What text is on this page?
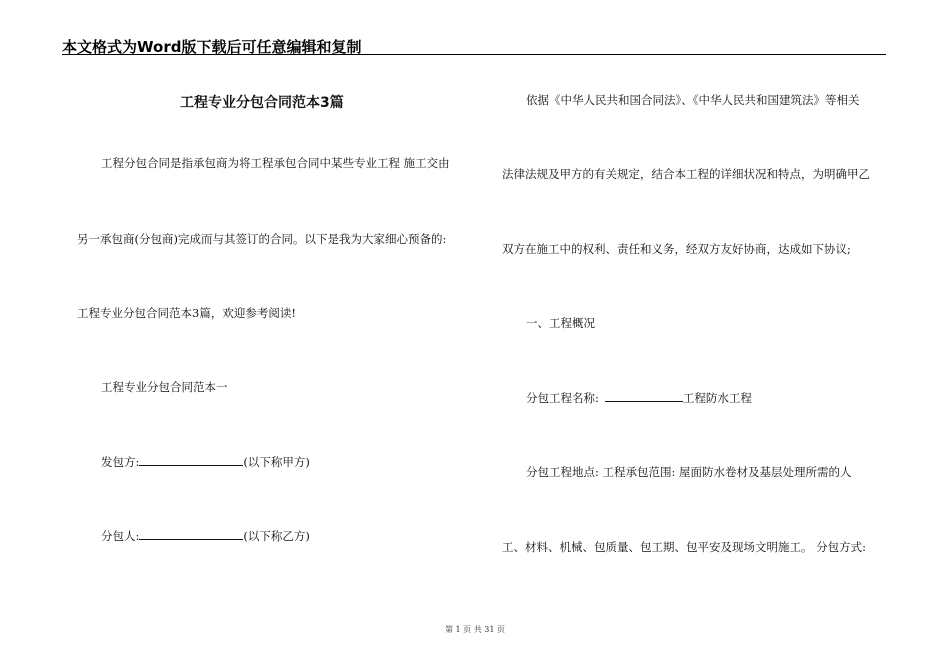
本文格式为Word版下载后可任意编辑和复制
工程专业分包合同范本3篇
工程分包合同是指承包商为将工程承包合同中某些专业工程 施工交由
另一承包商(分包商)完成而与其签订的合同。以下是我为大家细心预备的:
工程专业分包合同范本3篇，欢迎参考阅读!
工程专业分包合同范本一
发包方:	(以下称甲方)
分包人:	(以下称乙方)
依据《中华人民共和国合同法》、《中华人民共和国建筑法》等相关
法律法规及甲方的有关规定，结合本工程的详细状况和特点，为明确甲乙
双方在施工中的权利、责任和义务，经双方友好协商，达成如下协议;
一、工程概况
分包工程名称:	工程防水工程
分包工程地点: 工程承包范围: 屋面防水卷材及基层处理所需的人
工、材料、机械、包质量、包工期、包平安及现场文明施工。 分包方式:
第 1 页 共 31 页
